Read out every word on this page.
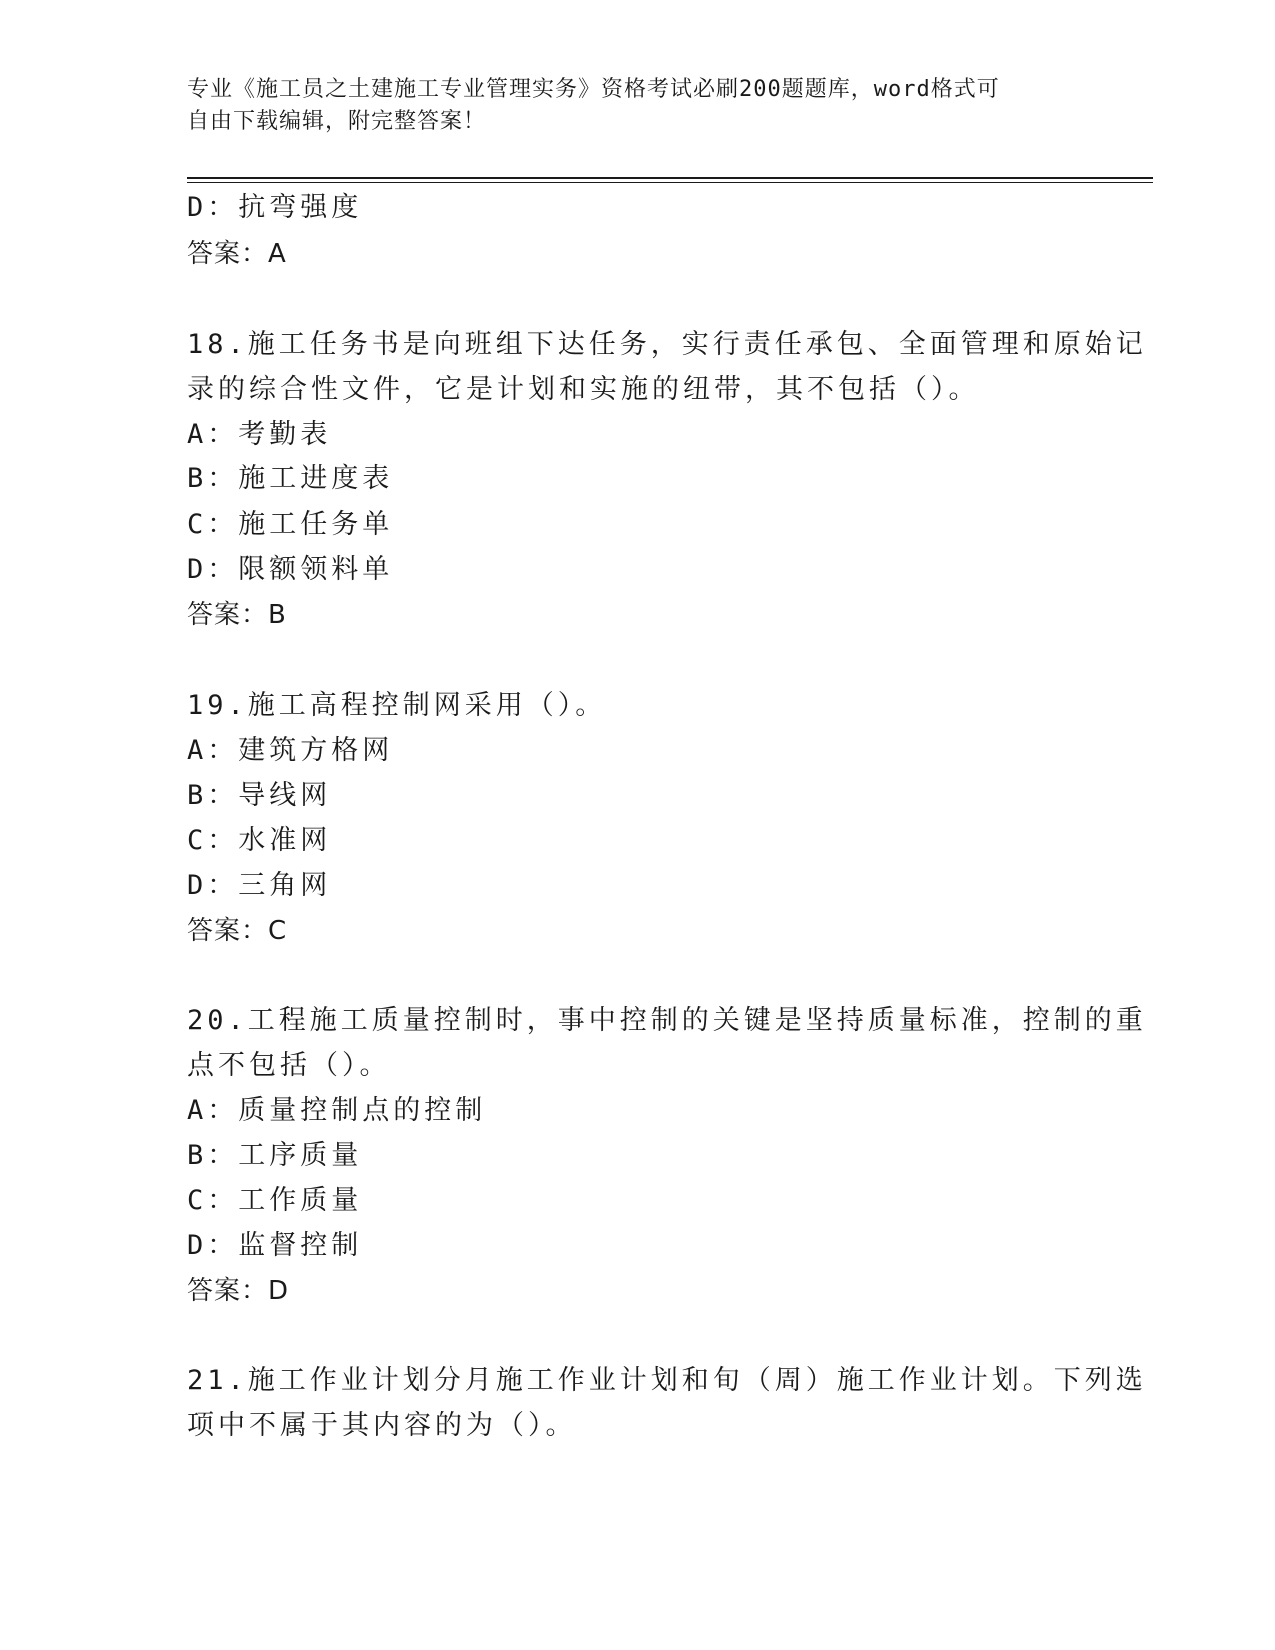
专业《施工员之土建施工专业管理实务》资格考试必刷200题题库，word格式可
自由下载编辑，附完整答案！
D：抗弯强度
答案：A
18.施工任务书是向班组下达任务，实行责任承包、全面管理和原始记
录的综合性文件，它是计划和实施的纽带，其不包括（）。
A：考勤表
B：施工进度表
C：施工任务单
D：限额领料单
答案：B
19.施工高程控制网采用（）。
A：建筑方格网
B：导线网
C：水准网
D：三角网
答案：C
20.工程施工质量控制时，事中控制的关键是坚持质量标准，控制的重
点不包括（）。
A：质量控制点的控制
B：工序质量
C：工作质量
D：监督控制
答案：D
21.施工作业计划分月施工作业计划和旬（周）施工作业计划。下列选
项中不属于其内容的为（）。
